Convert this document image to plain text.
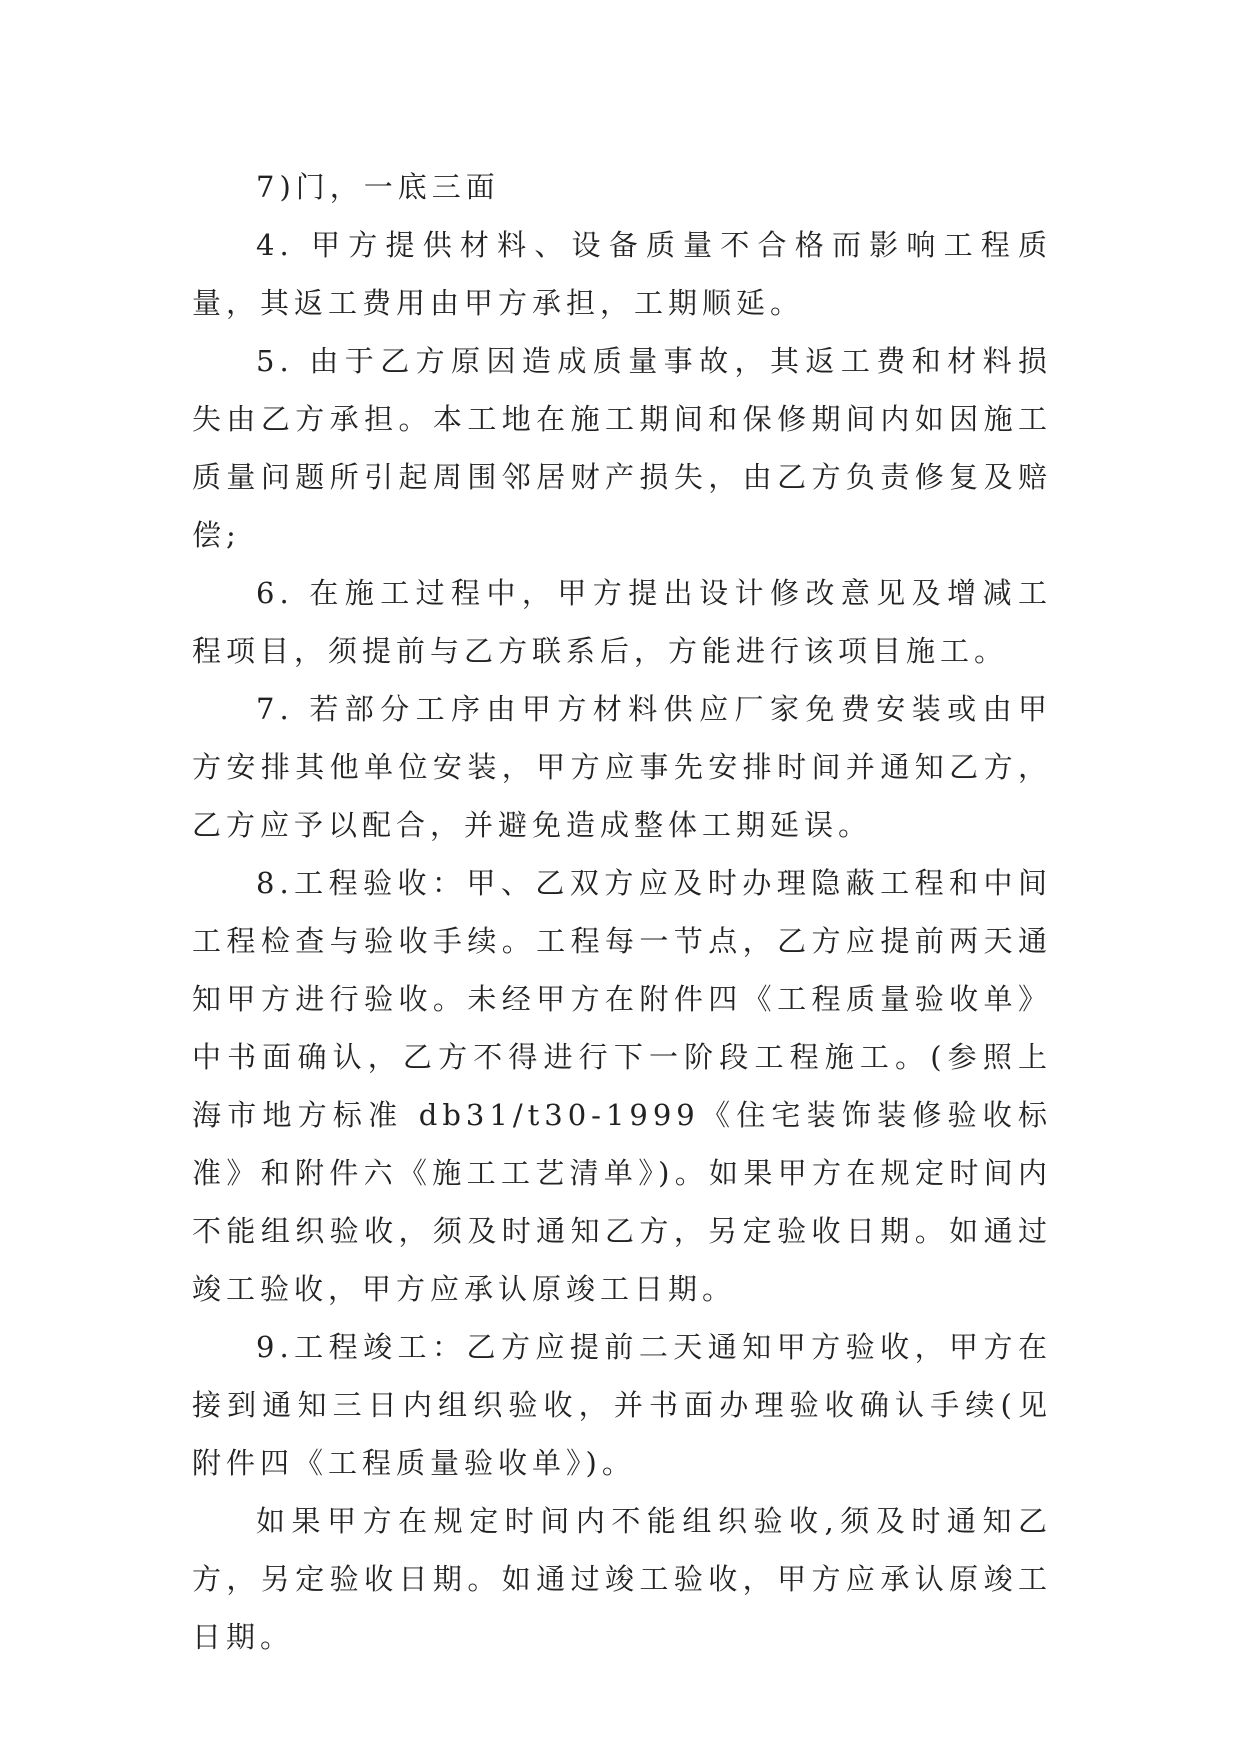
7)门，一底三面

4. 甲方提供材料、设备质量不合格而影响工程质量，其返工费用由甲方承担，工期顺延。

5. 由于乙方原因造成质量事故，其返工费和材料损失由乙方承担。本工地在施工期间和保修期间内如因施工质量问题所引起周围邻居财产损失，由乙方负责修复及赔偿;

6. 在施工过程中，甲方提出设计修改意见及增减工程项目，须提前与乙方联系后，方能进行该项目施工。

7. 若部分工序由甲方材料供应厂家免费安装或由甲方安排其他单位安装，甲方应事先安排时间并通知乙方，乙方应予以配合，并避免造成整体工期延误。

8.工程验收：甲、乙双方应及时办理隐蔽工程和中间工程检查与验收手续。工程每一节点，乙方应提前两天通知甲方进行验收。未经甲方在附件四《工程质量验收单》中书面确认，乙方不得进行下一阶段工程施工。(参照上海市地方标准 db31/t30-1999《住宅装饰装修验收标准》和附件六《施工工艺清单》)。如果甲方在规定时间内不能组织验收，须及时通知乙方，另定验收日期。如通过竣工验收，甲方应承认原竣工日期。

9.工程竣工：乙方应提前二天通知甲方验收，甲方在接到通知三日内组织验收，并书面办理验收确认手续(见附件四《工程质量验收单》)。

如果甲方在规定时间内不能组织验收,须及时通知乙方，另定验收日期。如通过竣工验收，甲方应承认原竣工日期。
